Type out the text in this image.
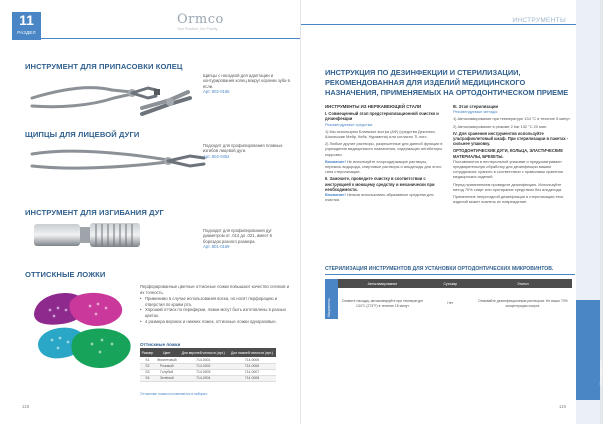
11
РАЗДЕЛ
Ormco
Your Practice. Our Priority.
ИНСТРУМЕНТ ДЛЯ ПРИПАСОВКИ КОЛЕЦ
Щипцы с насадкой для адаптации и контурирования колец вокруг коронки зуба в ясли.
Арт. 802-0165
ЩИПЦЫ ДЛЯ ЛИЦЕВОЙ ДУГИ
Подходят для профилирования плавных изгибов лицевой дуги.
Арт. 802-0452
ИНСТРУМЕНТ ДЛЯ ИЗГИБАНИЯ ДУГ
Подходит для профилирования дуг диаметром от .014 до .021, имеет 6 бороздок разного размера.
Арт. 801-0169
ОТТИСКНЫЕ ЛОЖКИ

Перфорированные цветные оттискные ложки повышают качество слепков и их точность.

• Применимо в случае использования воска, но носят перфорацию и отверстия по краям рта.
• Хороший оттиск по периферии, ложки могут быть изготовлены в разных цветах.
• 4 размера верхних и нижних ложек, оттискные ложки одноразовые.
Оттискные ложки
Размер	Цвет	Для верхней челюсти (арт.)	Для нижней челюсти (арт.)
S1	Фиолетовый	714-0001	714-0005
S2	Розовый	714-0002	714-0006
S3	Голубой	714-0003	714-0007
S4	Зелёный	714-0004	714-0008
Оттискные ложки поставляются в наборах.
118
Инструменты
ИНСТРУМЕНТЫ
ИНСТРУКЦИЯ ПО ДЕЗИНФЕКЦИИ И СТЕРИЛИЗАЦИИ, РЕКОМЕНДОВАННАЯ ДЛЯ ИЗДЕЛИЙ МЕДИЦИНСКОГО НАЗНАЧЕНИЯ, ПРИМЕНЯЕМЫХ НА ОРТОДОНТИЧЕСКОМ ПРИЕМЕ
ИНСТРУМЕНТЫ ИЗ НЕРЖАВЕЮЩЕЙ СТАЛИ
I. Совмещенный этап предстерилизационной очистки и дезинфекции

Рекомендуемые средства:

1) Мы используем Бланизол экстра (АФ) (средства Деконекс, Шиольские Мейр, Кейк, Нурманни) или согласно Ti-лотс.

2) Любые другие растворы, разрешенные для данной функции в учреждении медицинского назначения, содержащих ингибиторы коррозии.

Внимание! Не используйте хлорсодержащие растворы, перекись водорода, спиртовые растворы и альдегиды для этого типа стерилизации.

II. Замочите, проведите очистку в соответствии с инструкцией к моющему средству и механически при необходимости.

Внимание! Нельзя использовать абразивные средства для очистки.

III. Этап стерилизации

Рекомендуемые методы:

1) Автоклавирование при температуре 134 °C в течение 5 минут.

2) Автоклавирование в режиме 2 bar 132 °C 20 мин.

IV. Для хранения инструментов используйте ультрафиолетовый шкаф. При стерилизации в пакетах - сильнее упаковку.
ОРТОДОНТИЧЕСКИЕ ДУГИ, КОЛЬЦА, ЭЛАСТИЧЕСКИЕ МАТЕРИАЛЫ, БРЕКЕТЫ.

Поставляются в нестерильной упаковке и предусматривают предварительную обработку для дезинфекции вашим сотрудником; хранить в соответствии с правилами хранения медицинских изделий.

Перед применением проведите дезинфекцию. Используйте метод 70% спирт или протирание средством без альдегида.

Применение непригодной дезинфекции и стерилизации этих изделий может повлечь их повреждение.

СТЕРИЛИЗАЦИЯ ИНСТРУМЕНТОВ ДЛЯ УСТАНОВКИ ОРТОДОНТИЧЕСКИХ МИКРОВИНТОВ.
Микровинты
Автоклавирование	Сухожар	Этанол
Снимите насадку, автоклавируйте при температуре 134°C (273°F) в течение 18 минут	Нет	Отмывайте дезинфекционным раствором. Не выше 70% концентрации спирта.
119
